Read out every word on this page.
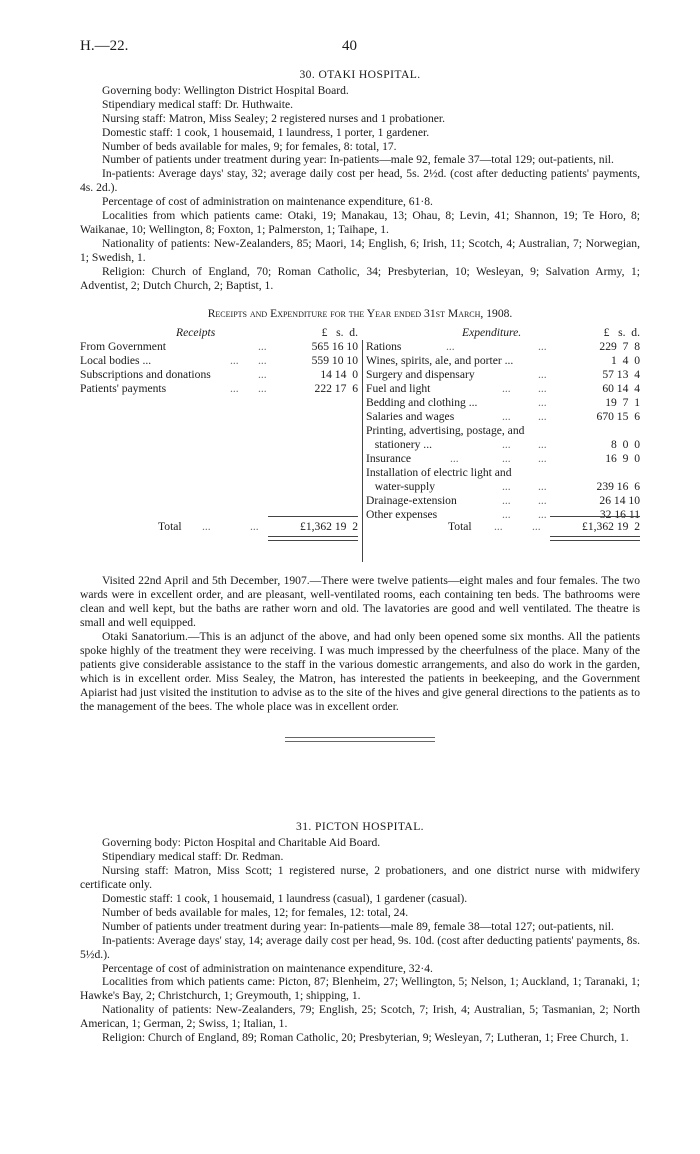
H.—22.	40
30. OTAKI HOSPITAL.

Governing body: Wellington District Hospital Board.

Stipendiary medical staff: Dr. Huthwaite.

Nursing staff: Matron, Miss Sealey; 2 registered nurses and 1 probationer.

Domestic staff: 1 cook, 1 housemaid, 1 laundress, 1 porter, 1 gardener.

Number of beds available for males, 9; for females, 8: total, 17.

Number of patients under treatment during year: In-patients—male 92, female 37—total 129; out-patients, nil.

In-patients: Average days' stay, 32; average daily cost per head, 5s. 2½d. (cost after deducting patients' payments, 4s. 2d.).

Percentage of cost of administration on maintenance expenditure, 61·8.

Localities from which patients came: Otaki, 19; Manakau, 13; Ohau, 8; Levin, 41; Shannon, 19; Te Horo, 8; Waikanae, 10; Wellington, 8; Foxton, 1; Palmerston, 1; Taihape, 1.

Nationality of patients: New-Zealanders, 85; Maori, 14; English, 6; Irish, 11; Scotch, 4; Australian, 7; Norwegian, 1; Swedish, 1.

Religion: Church of England, 70; Roman Catholic, 34; Presbyterian, 10; Wesleyan, 9; Salvation Army, 1; Adventist, 2; Dutch Church, 2; Baptist, 1.

Receipts and Expenditure for the Year ended 31st March, 1908.
Receipts	£   s.  d.
From Government	...	565 16 10
Local bodies ...	... ...	559 10 10
Subscriptions and donations	...	14 14  0
Patients' payments	... ...	222 17  6
Total ...	...	£1,362 19  2
Expenditure.	£   s.  d.
Rations	...	...	229  7  8
Wines, spirits, ale, and porter ...	1  4  0
Surgery and dispensary	...	57 13  4
Fuel and light	... ...	60 14  4
Bedding and clothing ...	...	19  7  1
Salaries and wages	... ...	670 15  6
Printing, advertising, postage, and
stationery ...	... ...	8  0  0
Insurance	...	... ...	16  9  0
Installation of electric light and
water-supply	... ...	239 16  6
Drainage-extension	... ...	26 14 10
Other expenses	... ...	32 16 11
Total ...	...	£1,362 19  2

Visited 22nd April and 5th December, 1907.—There were twelve patients—eight males and four females. The two wards were in excellent order, and are pleasant, well-ventilated rooms, each containing ten beds. The bathrooms were clean and well kept, but the baths are rather worn and old. The lavatories are good and well ventilated. The theatre is small and well equipped.

Otaki Sanatorium.—This is an adjunct of the above, and had only been opened some six months. All the patients spoke highly of the treatment they were receiving. I was much impressed by the cheerfulness of the place. Many of the patients give considerable assistance to the staff in the various domestic arrangements, and also do work in the garden, which is in excellent order. Miss Sealey, the Matron, has interested the patients in beekeeping, and the Government Apiarist had just visited the institution to advise as to the site of the hives and give general directions to the patients as to the management of the bees. The whole place was in excellent order.

31. PICTON HOSPITAL.

Governing body: Picton Hospital and Charitable Aid Board.

Stipendiary medical staff: Dr. Redman.

Nursing staff: Matron, Miss Scott; 1 registered nurse, 2 probationers, and one district nurse with midwifery certificate only.

Domestic staff: 1 cook, 1 housemaid, 1 laundress (casual), 1 gardener (casual).

Number of beds available for males, 12; for females, 12: total, 24.

Number of patients under treatment during year: In-patients—male 89, female 38—total 127; out-patients, nil.

In-patients: Average days' stay, 14; average daily cost per head, 9s. 10d. (cost after deducting patients' payments, 8s. 5½d.).

Percentage of cost of administration on maintenance expenditure, 32·4.

Localities from which patients came: Picton, 87; Blenheim, 27; Wellington, 5; Nelson, 1; Auckland, 1; Taranaki, 1; Hawke's Bay, 2; Christchurch, 1; Greymouth, 1; shipping, 1.

Nationality of patients: New-Zealanders, 79; English, 25; Scotch, 7; Irish, 4; Australian, 5; Tasmanian, 2; North American, 1; German, 2; Swiss, 1; Italian, 1.

Religion: Church of England, 89; Roman Catholic, 20; Presbyterian, 9; Wesleyan, 7; Lutheran, 1; Free Church, 1.
